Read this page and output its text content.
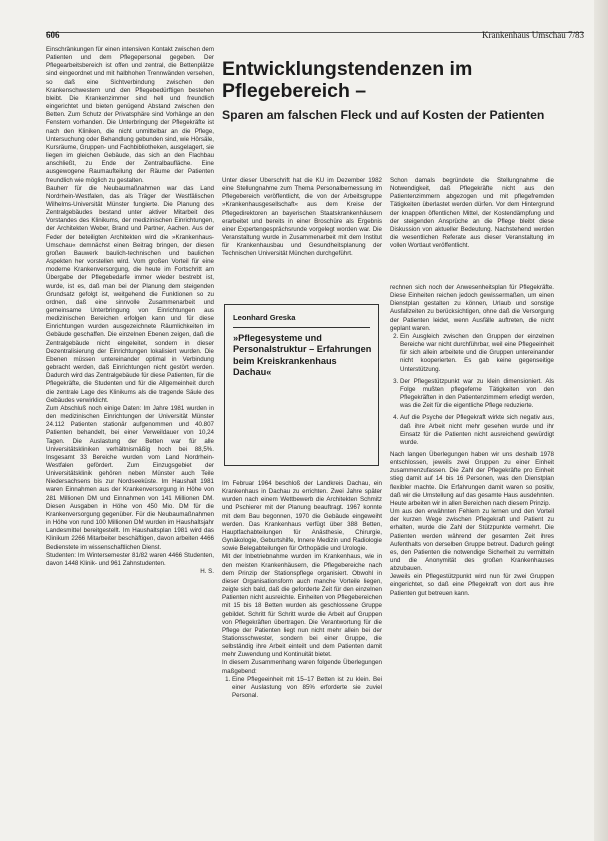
606	Krankenhaus Umschau 7/83

Einschränkungen für einen intensiven Kontakt zwischen dem Patienten und dem Pflegepersonal gegeben. Der Pflegearbeitsbereich ist offen und zentral, die Bettenplätze sind eingeordnet und mit halbhohen Trennwänden versehen, so daß eine Sichtverbindung zwischen den Krankenschwestern und den Pflegebedürftigen bestehen bleibt. Die Krankenzimmer sind hell und freundlich eingerichtet und bieten genügend Abstand zwischen den Betten. Zum Schutz der Privatsphäre sind Vorhänge an den Fenstern vorhanden. Die Unterbringung der Pflegekräfte ist nach den Kliniken, die nicht unmittelbar an die Pflege, Untersuchung oder Behandlung gebunden sind, wie Hörsäle, Kursräume, Gruppen- und Fachbibliotheken, ausgelagert, sie liegen im gleichen Gebäude, das sich an den Flachbau anschließt, zu Ende der Zentralbaufläche. Eine ausgewogene Raumaufteilung der Räume der Patienten freundlich wie möglich zu gestalten.

Bauherr für die Neubaumaßnahmen war das Land Nordrhein-Westfalen, das als Träger der Westfälischen Wilhelms-Universität Münster fungierte. Die Planung des Zentralgebäudes bestand unter aktiver Mitarbeit des Vorstandes des Klinikums, der medizinischen Einrichtungen, der Architekten Weber, Brand und Partner, Aachen. Aus der Feder der beteiligten Architekten wird die »Krankenhaus-Umschau« demnächst einen Beitrag bringen, der diesen großen Bauwerk baulich-technischen und baulichen Aspekten her vorstellen wird. Vom großen Vorteil für eine moderne Krankenversorgung, die heute im Fortschritt am Übergabe der Pflegebedarfe immer wieder bestrebt ist, wurde, ist es, daß man bei der Planung dem steigenden Grundsatz gefolgt ist, weitgehend die Funktionen so zu ordnen, daß eine sinnvolle Zusammenarbeit und gemeinsame Unterbringung von Einrichtungen aus medizinischen Bereichen erfolgen kann und für diese Einrichtungen wurden ausgezeichnete Räumlichkeiten im Gebäude geschaffen. Die einzelnen Ebenen zeigen, daß die Zentralgebäude nicht eingeleitet, sondern in dieser Dezentralisierung der Einrichtungen lokalisiert wurden. Die Ebenen müssen untereinander optimal in Verbindung gebracht werden, daß Einrichtungen nicht gestört werden. Dadurch wird das Zentralgebäude für diese Patienten, für die Pflegekräfte, die Studenten und für die Allgemeinheit durch die zentrale Lage des Klinikums als die tragende Säule des Gebäudes verwirklicht.

Zum Abschluß noch einige Daten: Im Jahre 1981 wurden in den medizinischen Einrichtungen der Universität Münster 24.112 Patienten stationär aufgenommen und 40.807 Patienten behandelt, bei einer Verweildauer von 10,24 Tagen. Die Auslastung der Betten war für alle Universitätskliniken verhältnismäßig hoch bei 88,5%. Insgesamt 33 Bereiche wurden vom Land Nordrhein-Westfalen gefördert. Zum Einzugsgebiet der Universitätsklinik gehören neben Münster auch Teile Niedersachsens bis zur Nordseeküste. Im Haushalt 1981 waren Einnahmen aus der Krankenversorgung in Höhe von 281 Millionen DM und Einnahmen von 141 Millionen DM. Diesen Ausgaben in Höhe von 450 Mio. DM für die Krankenversorgung gegenüber. Für die Neubaumaßnahmen in Höhe von rund 100 Millionen DM wurden im Haushaltsjahr Landesmittel bereitgestellt. Im Haushaltsplan 1981 wird das Klinikum 2266 Mitarbeiter beschäftigen, davon arbeiten 4466 Bedienstete im wissenschaftlichen Dienst.

Studenten: Im Wintersemester 81/82 waren 4466 Studenten, davon 1448 Klinik- und 961 Zahnstudenten.

H. S.

Entwicklungstendenzen im Pflegebereich –
Sparen am falschen Fleck und auf Kosten der Patienten

Unter dieser Überschrift hat die KU im Dezember 1982 eine Stellungnahme zum Thema Personalbemessung im Pflegebereich veröffentlicht, die von der Arbeitsgruppe »Krankenhausgesellschaft« aus dem Kreise der Pflegedirektoren an bayerischen Staatskrankenhäusern erarbeitet und bereits in einer Broschüre als Ergebnis einer Expertengesprächsrunde vorgelegt worden war. Die Veranstaltung wurde in Zusammenarbeit mit dem Institut für Krankenhausbau und Gesundheitsplanung der Technischen Universität München durchgeführt.

Schon damals begründete die Stellungnahme die Notwendigkeit, daß Pflegekräfte nicht aus den Patientenzimmern abgezogen und mit pflegefremden Tätigkeiten überlastet werden dürfen. Vor dem Hintergrund der knappen öffentlichen Mittel, der Kostendämpfung und der steigenden Ansprüche an die Pflege bleibt diese Diskussion von aktueller Bedeutung. Nachstehend werden die wesentlichen Referate aus dieser Veranstaltung im vollen Wortlaut veröffentlicht.

Leonhard Greska
»Pflegesysteme und Personalstruktur – Erfahrungen beim Kreiskrankenhaus Dachau«

Im Februar 1964 beschloß der Landkreis Dachau, ein Krankenhaus in Dachau zu errichten. Zwei Jahre später wurden nach einem Wettbewerb die Architekten Schmitz und Pschierer mit der Planung beauftragt. 1967 konnte mit dem Bau begonnen, 1970 die Gebäude eingeweiht werden. Das Krankenhaus verfügt über 388 Betten, Hauptfachabteilungen für Anästhesie, Chirurgie, Gynäkologie, Geburtshilfe, Innere Medizin und Radiologie sowie Belegabteilungen für Orthopädie und Urologie.

Mit der Inbetriebnahme wurden im Krankenhaus, wie in den meisten Krankenhäusern, die Pflegebereiche nach dem Prinzip der Stationspflege organisiert. Obwohl in dieser Organisationsform auch manche Vorteile liegen, zeigte sich bald, daß die geforderte Zeit für den einzelnen Patienten nicht ausreichte. Einheiten von Pflegebereichen mit 15 bis 18 Betten wurden als geschlossene Gruppe gebildet. Schritt für Schritt wurde die Arbeit auf Gruppen von Pflegekräften übertragen. Die Verantwortung für die Pflege der Patienten liegt nun nicht mehr allein bei der Stationsschwester, sondern bei einer Gruppe, die selbständig ihre Arbeit einteilt und dem Patienten damit mehr Zuwendung und Kontinuität bietet.

In diesem Zusammenhang waren folgende Überlegungen maßgebend:

1. Eine Pflegeeinheit mit 15–17 Betten ist zu klein. Bei einer Auslastung von 85% erforderte sie zuviel Personal.

rechnen sich noch der Anwesenheitsplan für Pflegekräfte. Diese Einheiten reichen jedoch gewissermaßen, um einen Dienstplan gestalten zu können, Urlaub und sonstige Ausfallzeiten zu berücksichtigen, ohne daß die Versorgung der Patienten leidet, wenn Ausfälle auftreten, die nicht geplant waren.

2. Ein Ausgleich zwischen den Gruppen der einzelnen Bereiche war nicht durchführbar, weil eine Pflegeeinheit für sich allein arbeitete und die Gruppen untereinander nicht kooperierten. Es gab keine gegenseitige Unterstützung.
3. Der Pflegestützpunkt war zu klein dimensioniert. Als Folge mußten pflegeferne Tätigkeiten von den Pflegekräften in den Patientenzimmern erledigt werden, was die Zeit für die eigentliche Pflege reduzierte.
4. Auf die Psyche der Pflegekraft wirkte sich negativ aus, daß ihre Arbeit nicht mehr gesehen wurde und ihr Einsatz für die Patienten nicht ausreichend gewürdigt wurde.

Nach langen Überlegungen haben wir uns deshalb 1978 entschlossen, jeweils zwei Gruppen zu einer Einheit zusammenzufassen. Die Zahl der Pflegekräfte pro Einheit stieg damit auf 14 bis 16 Personen, was den Dienstplan flexibler machte. Die Erfahrungen damit waren so positiv, daß wir die Umstellung auf das gesamte Haus ausdehnten. Heute arbeiten wir in allen Bereichen nach diesem Prinzip.

Um aus den erwähnten Fehlern zu lernen und den Vorteil der kurzen Wege zwischen Pflegekraft und Patient zu erhalten, wurde die Zahl der Stützpunkte vermehrt. Die Patienten werden während der gesamten Zeit ihres Aufenthalts von derselben Gruppe betreut. Dadurch gelingt es, den Patienten die notwendige Sicherheit zu vermitteln und die Anonymität des großen Krankenhauses abzubauen.

Jeweils ein Pflegestützpunkt wird nun für zwei Gruppen eingerichtet, so daß eine Pflegekraft von dort aus ihre Patienten gut betreuen kann.
